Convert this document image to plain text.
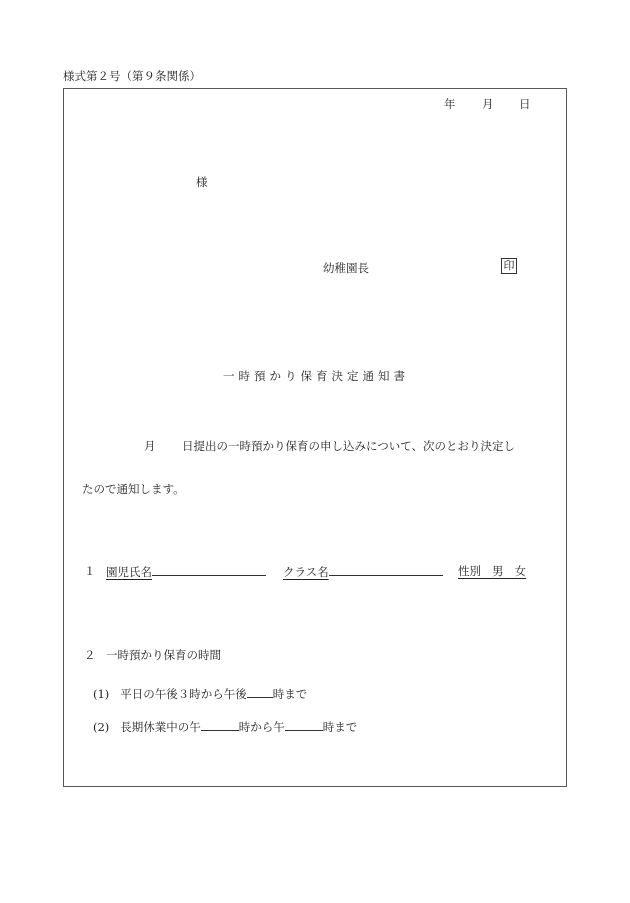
様式第２号（第９条関係）
年 月 日
様
幼稚園長	印
一時預かり保育決定通知書
月 日提出の一時預かり保育の申し込みについて、次のとおり決定し
たので通知します。
１ 園児氏名	クラス名	性別 男 女
２ 一時預かり保育の時間
(1) 平日の午後３時から午後 時まで
(2) 長期休業中の午	時から午	時まで
